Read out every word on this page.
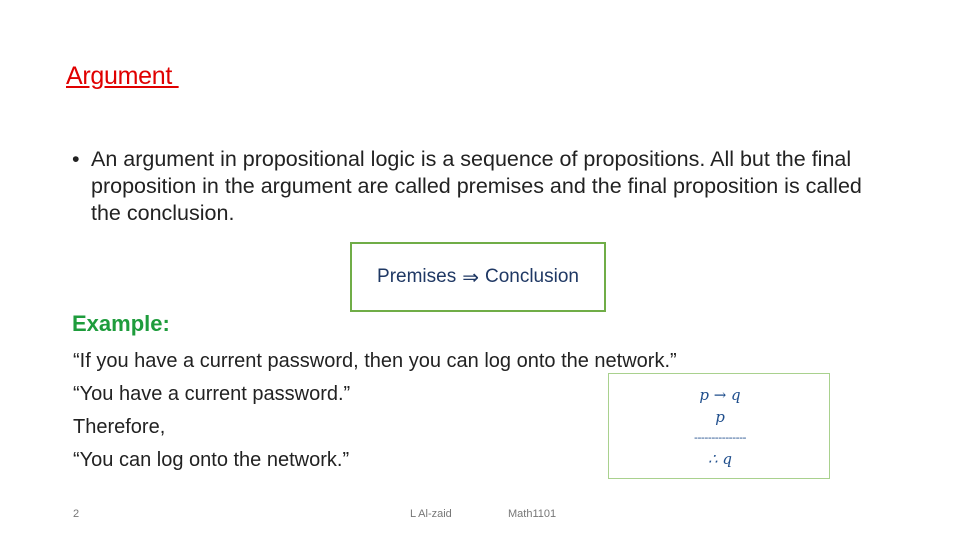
Argument
• An argument in propositional logic is a sequence of propositions. All but the final proposition in the argument are called premises and the final proposition is called the conclusion.
Premises ⇒ Conclusion
Example:
“If you have a current password, then you can log onto the network.”
“You have a current password.”
Therefore,
“You can log onto the network.”
p → q
p
---------------
∴ q
2	L Al-zaid	Math1101
